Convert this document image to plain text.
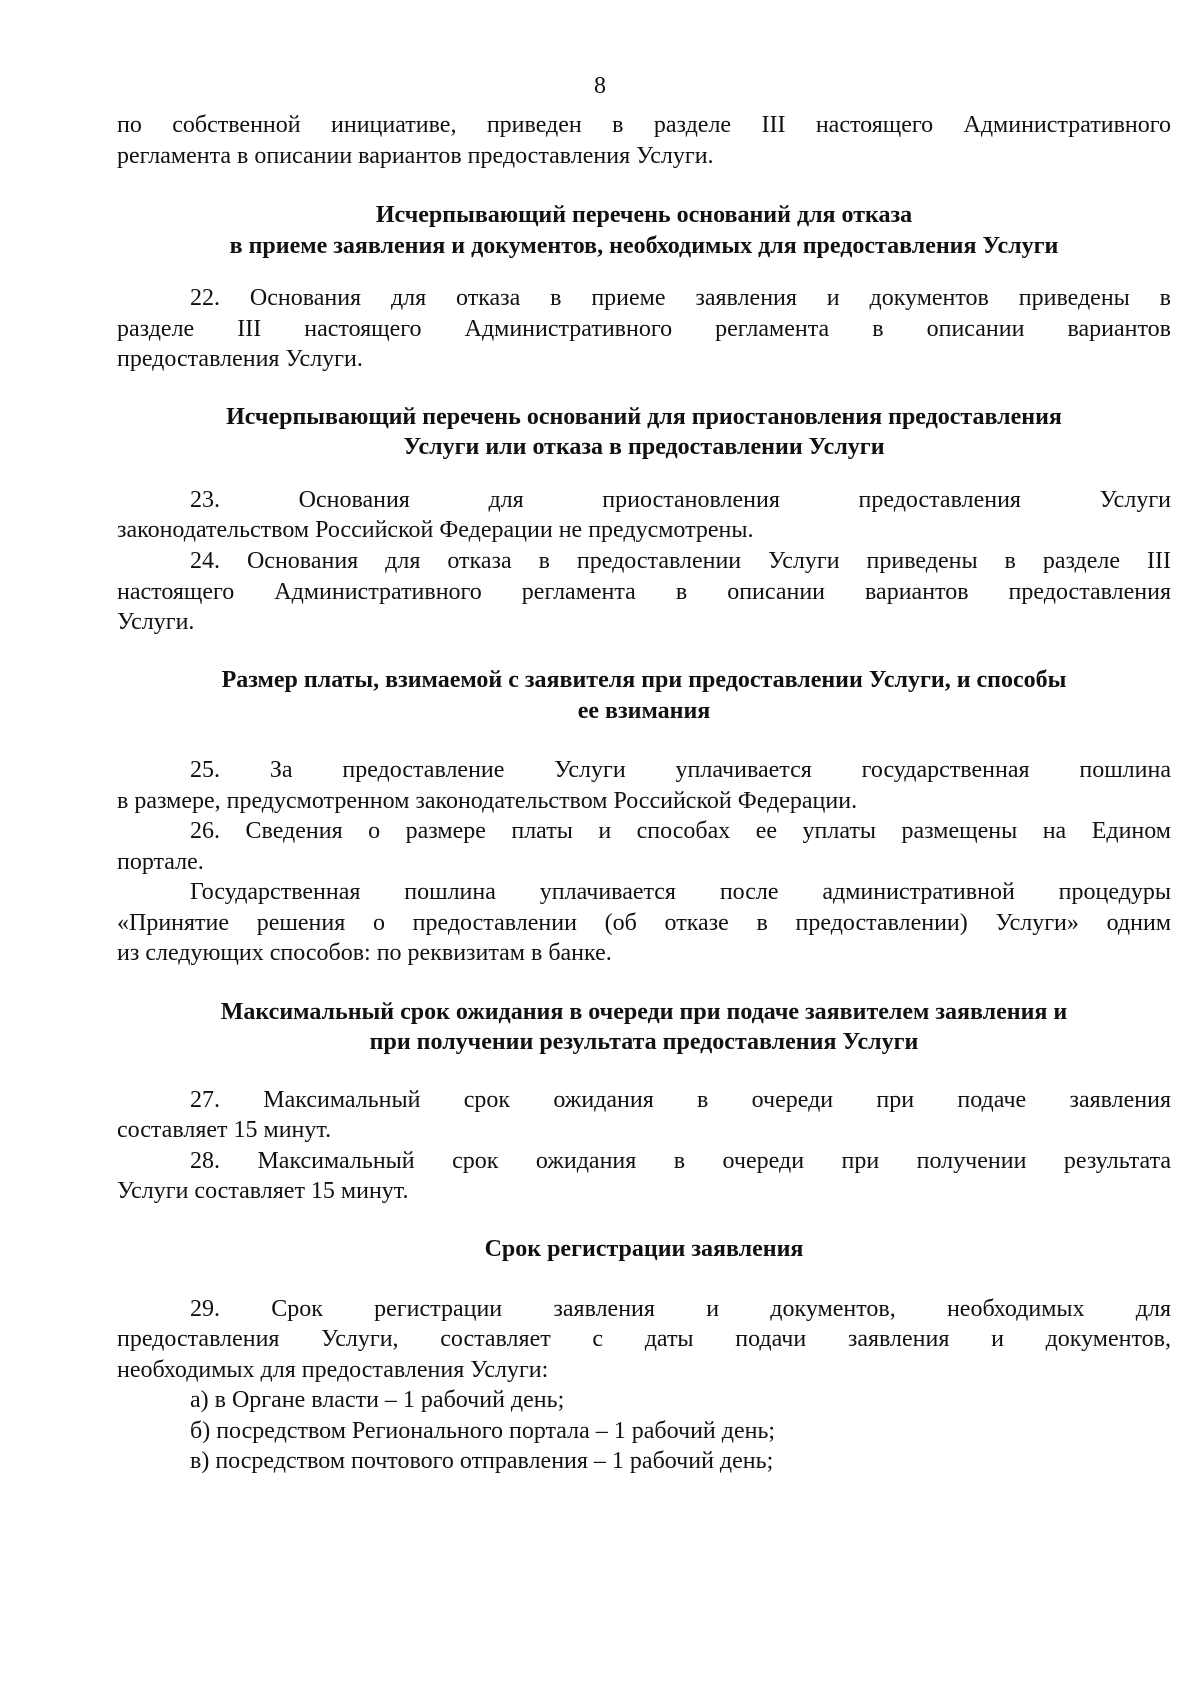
8
по собственной инициативе, приведен в разделе III настоящего Административного
регламента в описании вариантов предоставления Услуги.
Исчерпывающий перечень оснований для отказа
в приеме заявления и документов, необходимых для предоставления Услуги
22. Основания для отказа в приеме заявления и документов приведены в
разделе III настоящего Административного регламента в описании вариантов
предоставления Услуги.
Исчерпывающий перечень оснований для приостановления предоставления
Услуги или отказа в предоставлении Услуги
23. Основания для приостановления предоставления Услуги
законодательством Российской Федерации не предусмотрены.
24. Основания для отказа в предоставлении Услуги приведены в разделе III
настоящего Административного регламента в описании вариантов предоставления
Услуги.
Размер платы, взимаемой с заявителя при предоставлении Услуги, и способы
ее взимания
25. За предоставление Услуги уплачивается государственная пошлина
в размере, предусмотренном законодательством Российской Федерации.
26. Сведения о размере платы и способах ее уплаты размещены на Едином
портале.
Государственная пошлина уплачивается после административной процедуры
«Принятие решения о предоставлении (об отказе в предоставлении) Услуги» одним
из следующих способов: по реквизитам в банке.
Максимальный срок ожидания в очереди при подаче заявителем заявления и
при получении результата предоставления Услуги
27. Максимальный срок ожидания в очереди при подаче заявления
составляет 15 минут.
28. Максимальный срок ожидания в очереди при получении результата
Услуги составляет 15 минут.
Срок регистрации заявления
29. Срок регистрации заявления и документов, необходимых для
предоставления Услуги, составляет с даты подачи заявления и документов,
необходимых для предоставления Услуги:
а) в Органе власти – 1 рабочий день;
б) посредством Регионального портала – 1 рабочий день;
в) посредством почтового отправления – 1 рабочий день;
